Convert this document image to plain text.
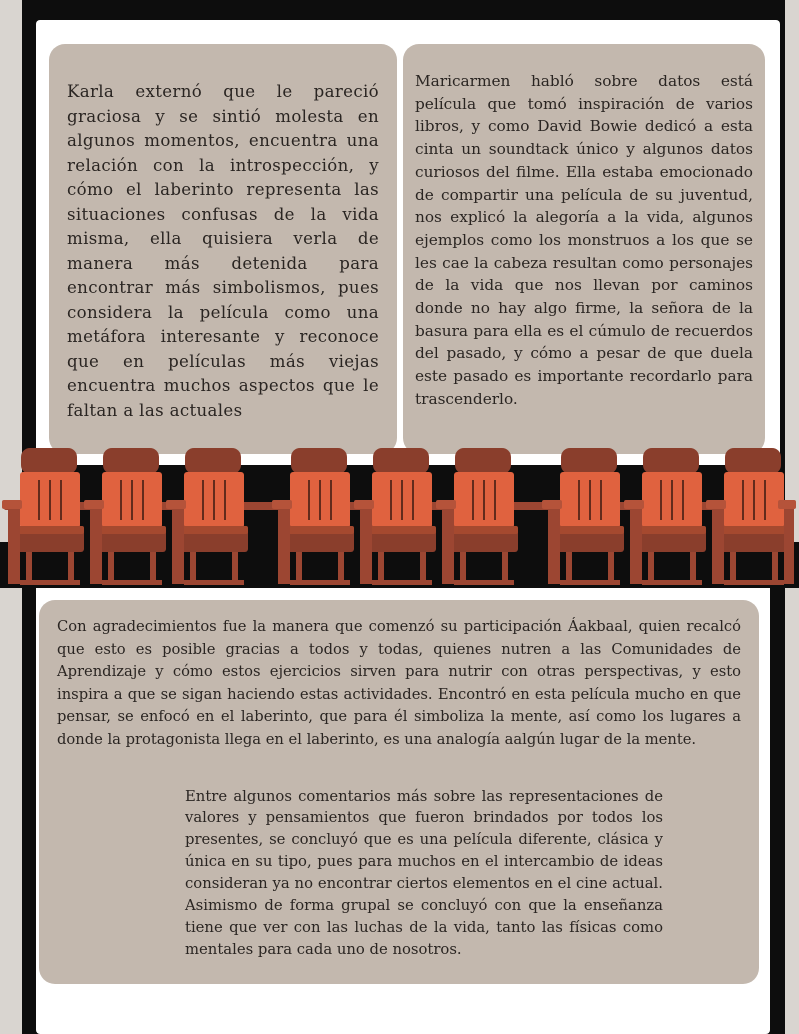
Karla externó que le pareció graciosa y se sintió molesta en algunos momentos, encuentra una relación con la introspección, y cómo el laberinto representa las situaciones confusas de la vida misma, ella quisiera verla de manera más detenida para encontrar más simbolismos, pues considera la película como una metáfora interesante y reconoce que en películas más viejas encuentra muchos aspectos que le faltan a las actuales

Maricarmen habló sobre datos está película que tomó inspiración de varios libros, y como David Bowie dedicó a esta cinta un soundtack único y algunos datos curiosos del filme. Ella estaba emocionado de compartir una película de su juventud, nos explicó la alegoría a la vida, algunos ejemplos como los monstruos a los que se les cae la cabeza resultan como personajes de la vida que nos llevan por caminos donde no hay algo firme, la señora de la basura para ella es el cúmulo de recuerdos del pasado, y cómo a pesar de que duela este pasado es importante recordarlo para trascenderlo.

Con agradecimientos fue la manera que comenzó su participación Áakbaal, quien recalcó que esto es posible gracias a todos y todas, quienes nutren a las Comunidades de Aprendizaje y cómo estos ejercicios sirven para nutrir con otras perspectivas, y esto inspira a que se sigan haciendo estas actividades. Encontró en esta película mucho en que pensar, se enfocó en el laberinto, que para él simboliza la mente, así como los lugares a donde la protagonista llega en el laberinto, es una analogía aalgún lugar de la mente.

Entre algunos comentarios más sobre las representaciones de valores y pensamientos que fueron brindados por todos los presentes, se concluyó que es una película diferente, clásica y única en su tipo, pues para muchos en el intercambio de ideas consideran ya no encontrar ciertos elementos en el cine actual. Asimismo de forma grupal se concluyó con que la enseñanza tiene que ver con las luchas de la vida, tanto las físicas como mentales para cada uno de nosotros.
